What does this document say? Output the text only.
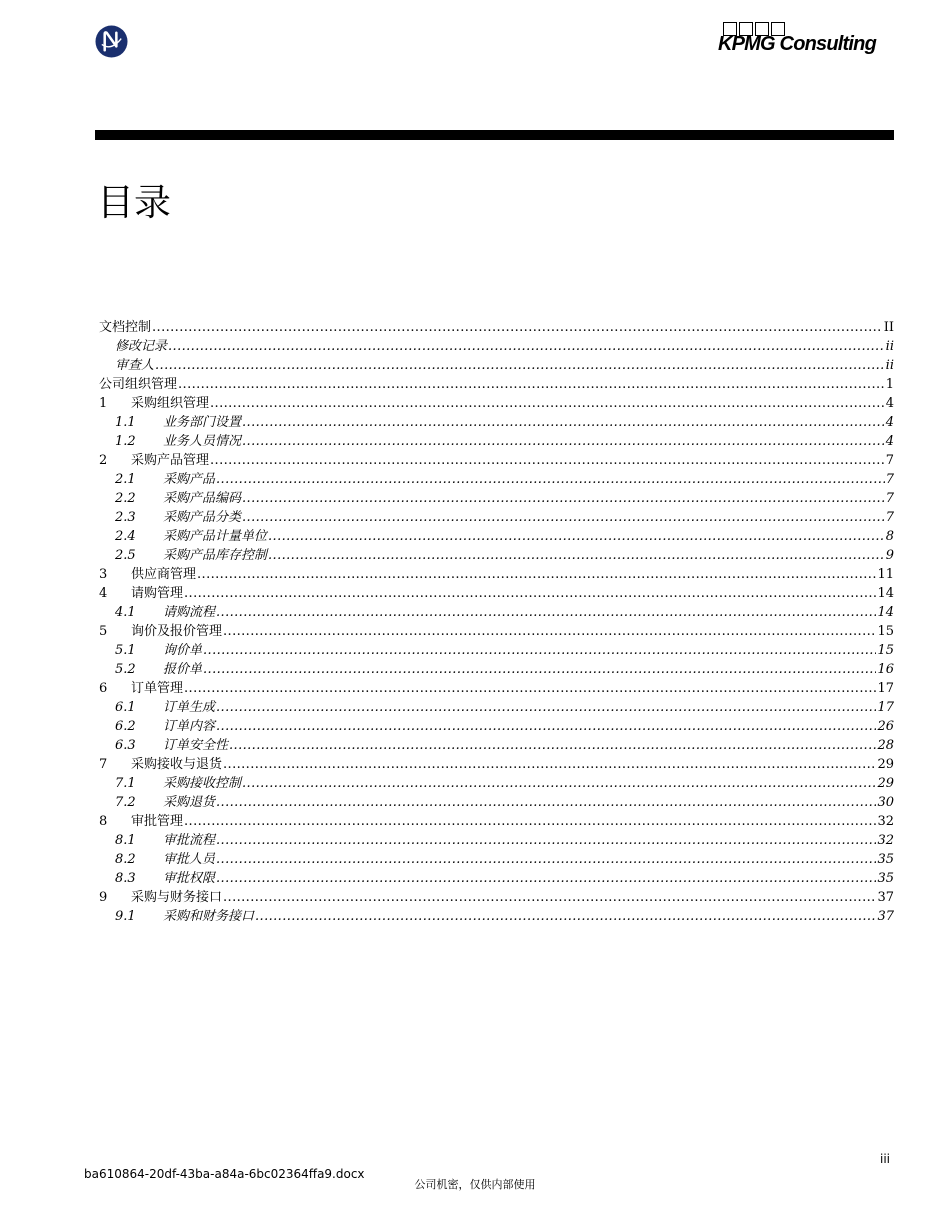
KPMG Consulting
目录
文档控制 .....	II
修改记录 .....	ii
审查人 .....	ii
公司组织管理 .....	1
1	采购组织管理 .....	4
1.1	业务部门设置 .....	4
1.2	业务人员情况 .....	4
2	采购产品管理 .....	7
2.1	采购产品 .....	7
2.2	采购产品编码 .....	7
2.3	采购产品分类 .....	7
2.4	采购产品计量单位 .....	8
2.5	采购产品库存控制 .....	9
3	供应商管理 .....	11
4	请购管理 .....	14
4.1	请购流程 .....	14
5	询价及报价管理 .....	15
5.1	询价单 .....	15
5.2	报价单 .....	16
6	订单管理 .....	17
6.1	订单生成 .....	17
6.2	订单内容 .....	26
6.3	订单安全性 .....	28
7	采购接收与退货 .....	29
7.1	采购接收控制 .....	29
7.2	采购退货 .....	30
8	审批管理 .....	32
8.1	审批流程 .....	32
8.2	审批人员 .....	35
8.3	审批权限 .....	35
9	采购与财务接口 .....	37
9.1	采购和财务接口 .....	37
iii
ba610864-20df-43ba-a84a-6bc02364ffa9.docx
公司机密，仅供内部使用
